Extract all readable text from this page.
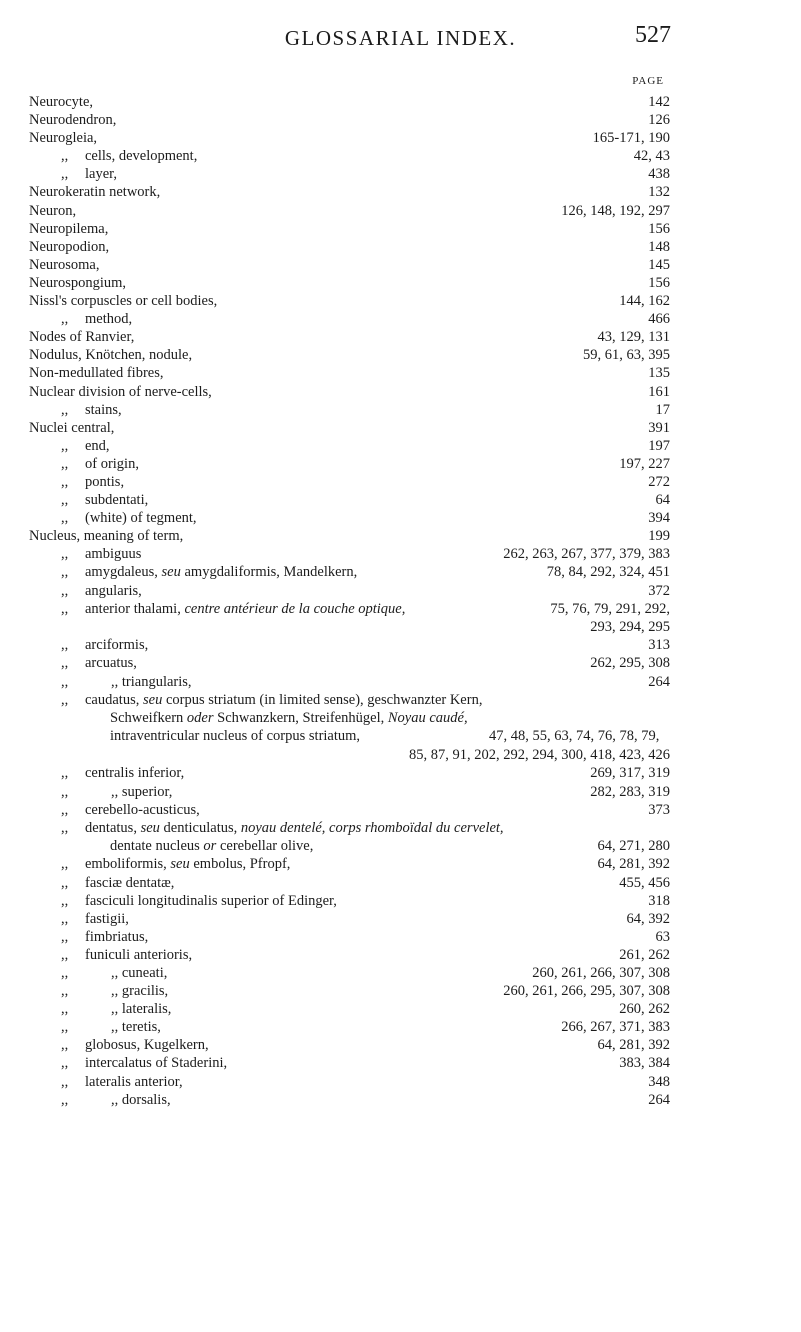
GLOSSARIAL INDEX.	527
PAGE
Neurocyte,	142
Neurodendron,	126
Neurogleia,	165-171, 190
,, cells, development,	42, 43
,, layer,	438
Neurokeratin network,	132
Neuron,	126, 148, 192, 297
Neuropilema,	156
Neuropodion,	148
Neurosoma,	145
Neurospongium,	156
Nissl's corpuscles or cell bodies,	144, 162
,, method,	466
Nodes of Ranvier,	43, 129, 131
Nodulus, Knötchen, nodule,	59, 61, 63, 395
Non-medullated fibres,	135
Nuclear division of nerve-cells,	161
,, stains,	17
Nuclei central,	391
,, end,	197
,, of origin,	197, 227
,, pontis,	272
,, subdentati,	64
,, (white) of tegment,	394
Nucleus, meaning of term,	199
,, ambiguus	262, 263, 267, 377, 379, 383
,, amygdaleus, seu amygdaliformis, Mandelkern,	78, 84, 292, 324, 451
,, angularis,	372
,, anterior thalami, centre antérieur de la couche optique,	75, 76, 79, 291, 292,
293, 294, 295
,, arciformis,	313
,, arcuatus,	262, 295, 308
,,	,, triangularis,	264
,, caudatus, seu corpus striatum (in limited sense), geschwanzter Kern,
Schweifkern oder Schwanzkern, Streifenhügel, Noyau caudé,
intraventricular nucleus of corpus striatum,	47, 48, 55, 63, 74, 76, 78, 79,
85, 87, 91, 202, 292, 294, 300, 418, 423, 426
,, centralis inferior,	269, 317, 319
,,	,, superior,	282, 283, 319
,, cerebello-acusticus,	373
,, dentatus, seu denticulatus, noyau dentelé, corps rhomboïdal du cervelet,
dentate nucleus or cerebellar olive,	64, 271, 280
,, emboliformis, seu embolus, Pfropf,	64, 281, 392
,, fasciæ dentatæ,	455, 456
,, fasciculi longitudinalis superior of Edinger,	318
,, fastigii,	64, 392
,, fimbriatus,	63
,, funiculi anterioris,	261, 262
,,	,, cuneati,	260, 261, 266, 307, 308
,,	,, gracilis,	260, 261, 266, 295, 307, 308
,,	,, lateralis,	260, 262
,,	,, teretis,	266, 267, 371, 383
,, globosus, Kugelkern,	64, 281, 392
,, intercalatus of Staderini,	383, 384
,, lateralis anterior,	348
,,	,, dorsalis,	264
